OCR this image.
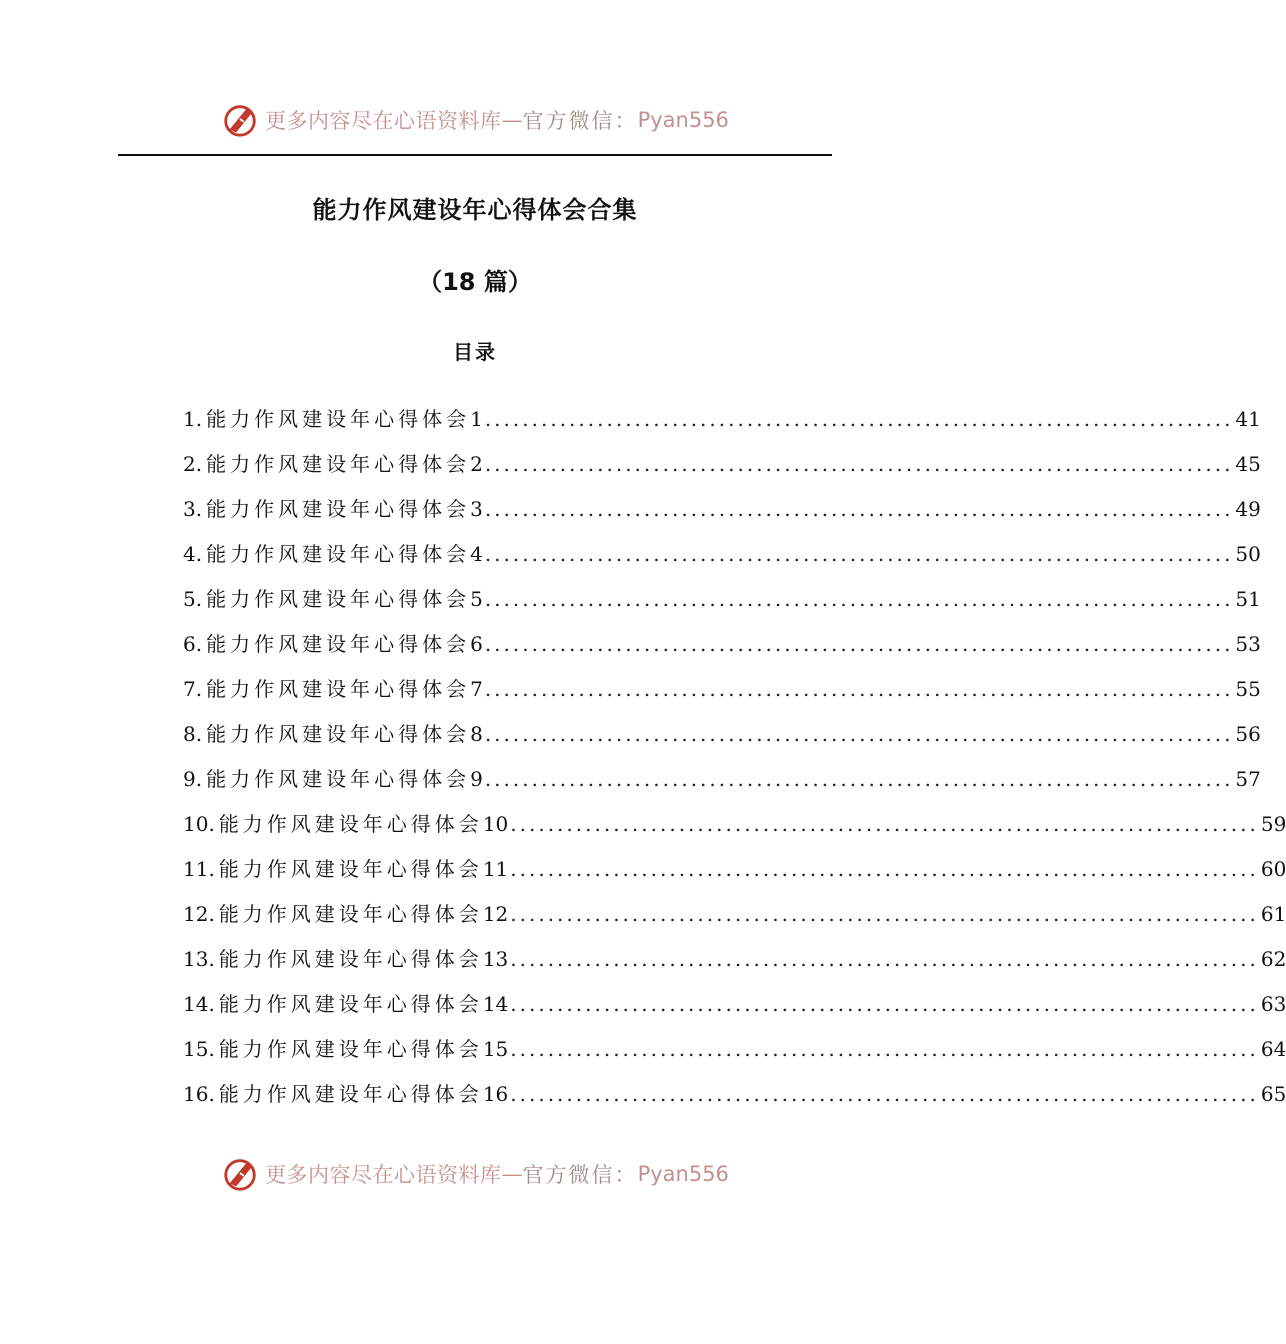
更多内容尽在心语资料库 — 官方微信： Pyan556
能力作风建设年心得体会合集
（18 篇）
目录
1. 能力作风建设年心得体会 1 ................................................................................ 41
2. 能力作风建设年心得体会 2 ................................................................................ 45
3. 能力作风建设年心得体会 3 ................................................................................ 49
4. 能力作风建设年心得体会 4 ................................................................................ 50
5. 能力作风建设年心得体会 5 ................................................................................ 51
6. 能力作风建设年心得体会 6 ................................................................................ 53
7. 能力作风建设年心得体会 7 ................................................................................ 55
8. 能力作风建设年心得体会 8 ................................................................................ 56
9. 能力作风建设年心得体会 9 ................................................................................ 57
10. 能力作风建设年心得体会 10 ................................................................................ 59
11. 能力作风建设年心得体会 11 ................................................................................ 60
12. 能力作风建设年心得体会 12 ................................................................................ 61
13. 能力作风建设年心得体会 13 ................................................................................ 62
14. 能力作风建设年心得体会 14 ................................................................................ 63
15. 能力作风建设年心得体会 15 ................................................................................ 64
16. 能力作风建设年心得体会 16 ................................................................................ 65
更多内容尽在心语资料库 — 官方微信： Pyan556
